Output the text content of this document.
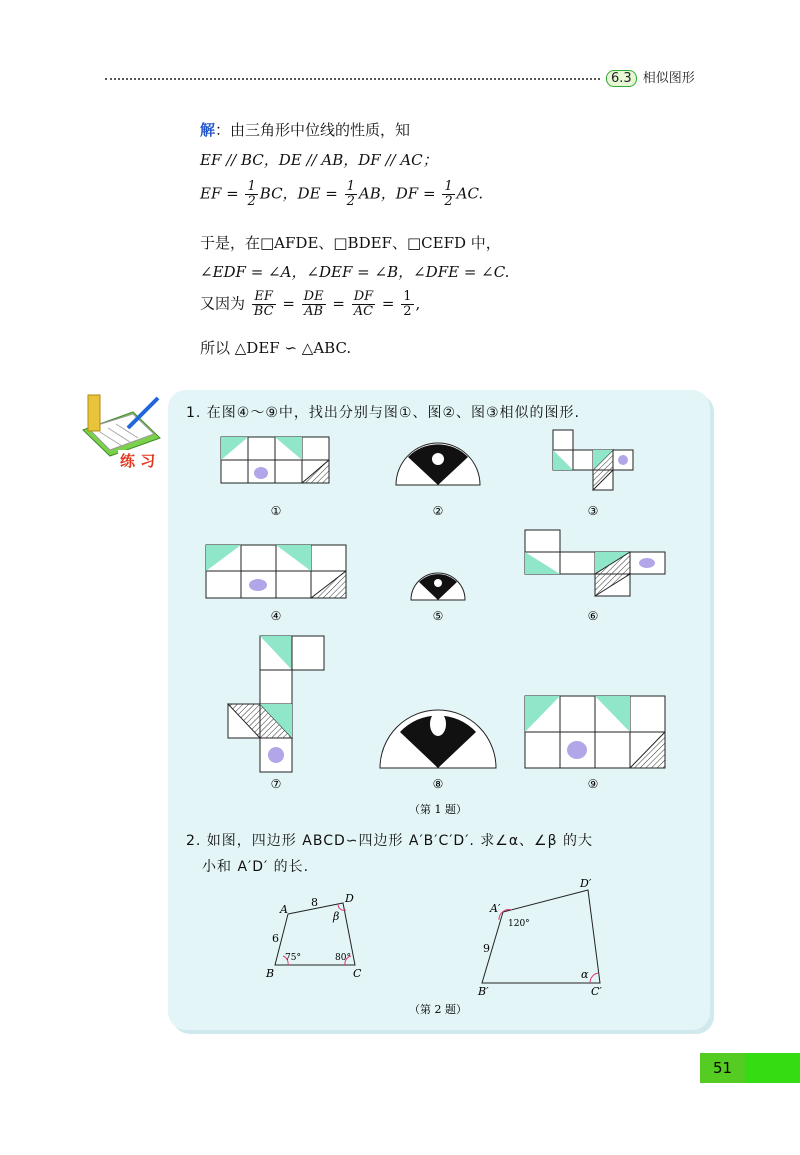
6.3 相似图形
解：由三角形中位线的性质，知
EF // BC，DE // AB，DF // AC；
EF = $\frac{1}{2}$ BC，DE = $\frac{1}{2}$ AB，DF = $\frac{1}{2}$ AC.
于是，在□AFDE、□BDEF、□CEFD 中，
∠EDF = ∠A，∠DEF = ∠B，∠DFE = ∠C.
又因为 $\frac{EF}{BC} = \frac{DE}{AB} = \frac{DF}{AC} = \frac{1}{2}$ ,
所以 △DEF ∽ △ABC.
练 习
1. 在图④～⑨中，找出分别与图①、图②、图③相似的图形.
①	②	③
④	⑤	⑥
⑦	⑧	⑨
（第 1 题）
A
D
B	C
8
6
75°	80°
β
A′
D′
B′	C′
9
120°
α
（第 2 题）
2. 如图，四边形 ABCD∽四边形 A′B′C′D′. 求∠α、∠β 的大
小和 A′D′ 的长.
51
